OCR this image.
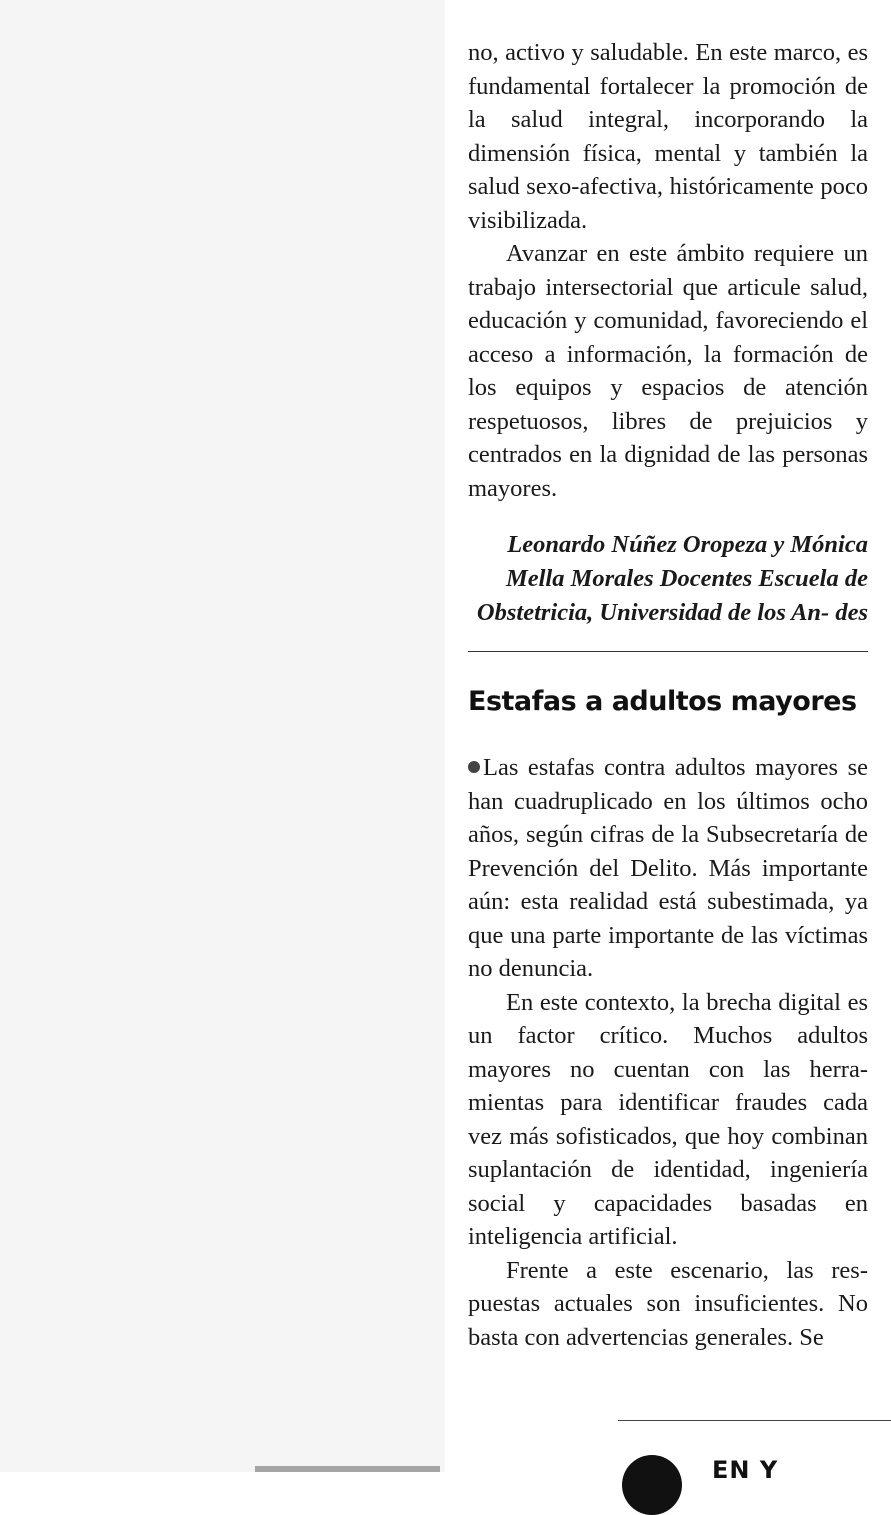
no, activo y saludable. En este marco, es fundamental fortalecer la promoción de la salud integral, incorporando la dimensión física, mental y también la salud sexo-afectiva, históricamente poco visibilizada.

Avanzar en este ámbito requiere un trabajo intersectorial que articule salud, educación y comunidad, favoreciendo el acceso a información, la formación de los equipos y espacios de atención respetuosos, libres de prejuicios y centrados en la dignidad de las personas mayores.

Leonardo Núñez Oropeza y Mónica Mella Morales Docentes Escuela de Obstetricia, Universidad de los An- des

Estafas a adultos mayores

Las estafas contra adultos mayores se han cuadruplicado en los últimos ocho años, según cifras de la Subsecretaría de Prevención del Delito. Más importante aún: esta realidad está subestimada, ya que una parte importante de las víctimas no denuncia.

En este contexto, la brecha digital es un factor crítico. Muchos adultos mayores no cuentan con las herramientas para identificar fraudes cada vez más sofisticados, que hoy combinan suplantación de identidad, ingeniería social y capacidades basadas en inteligencia artificial.

Frente a este escenario, las respuestas actuales son insuficientes. No basta con advertencias generales. Se

EN Y
